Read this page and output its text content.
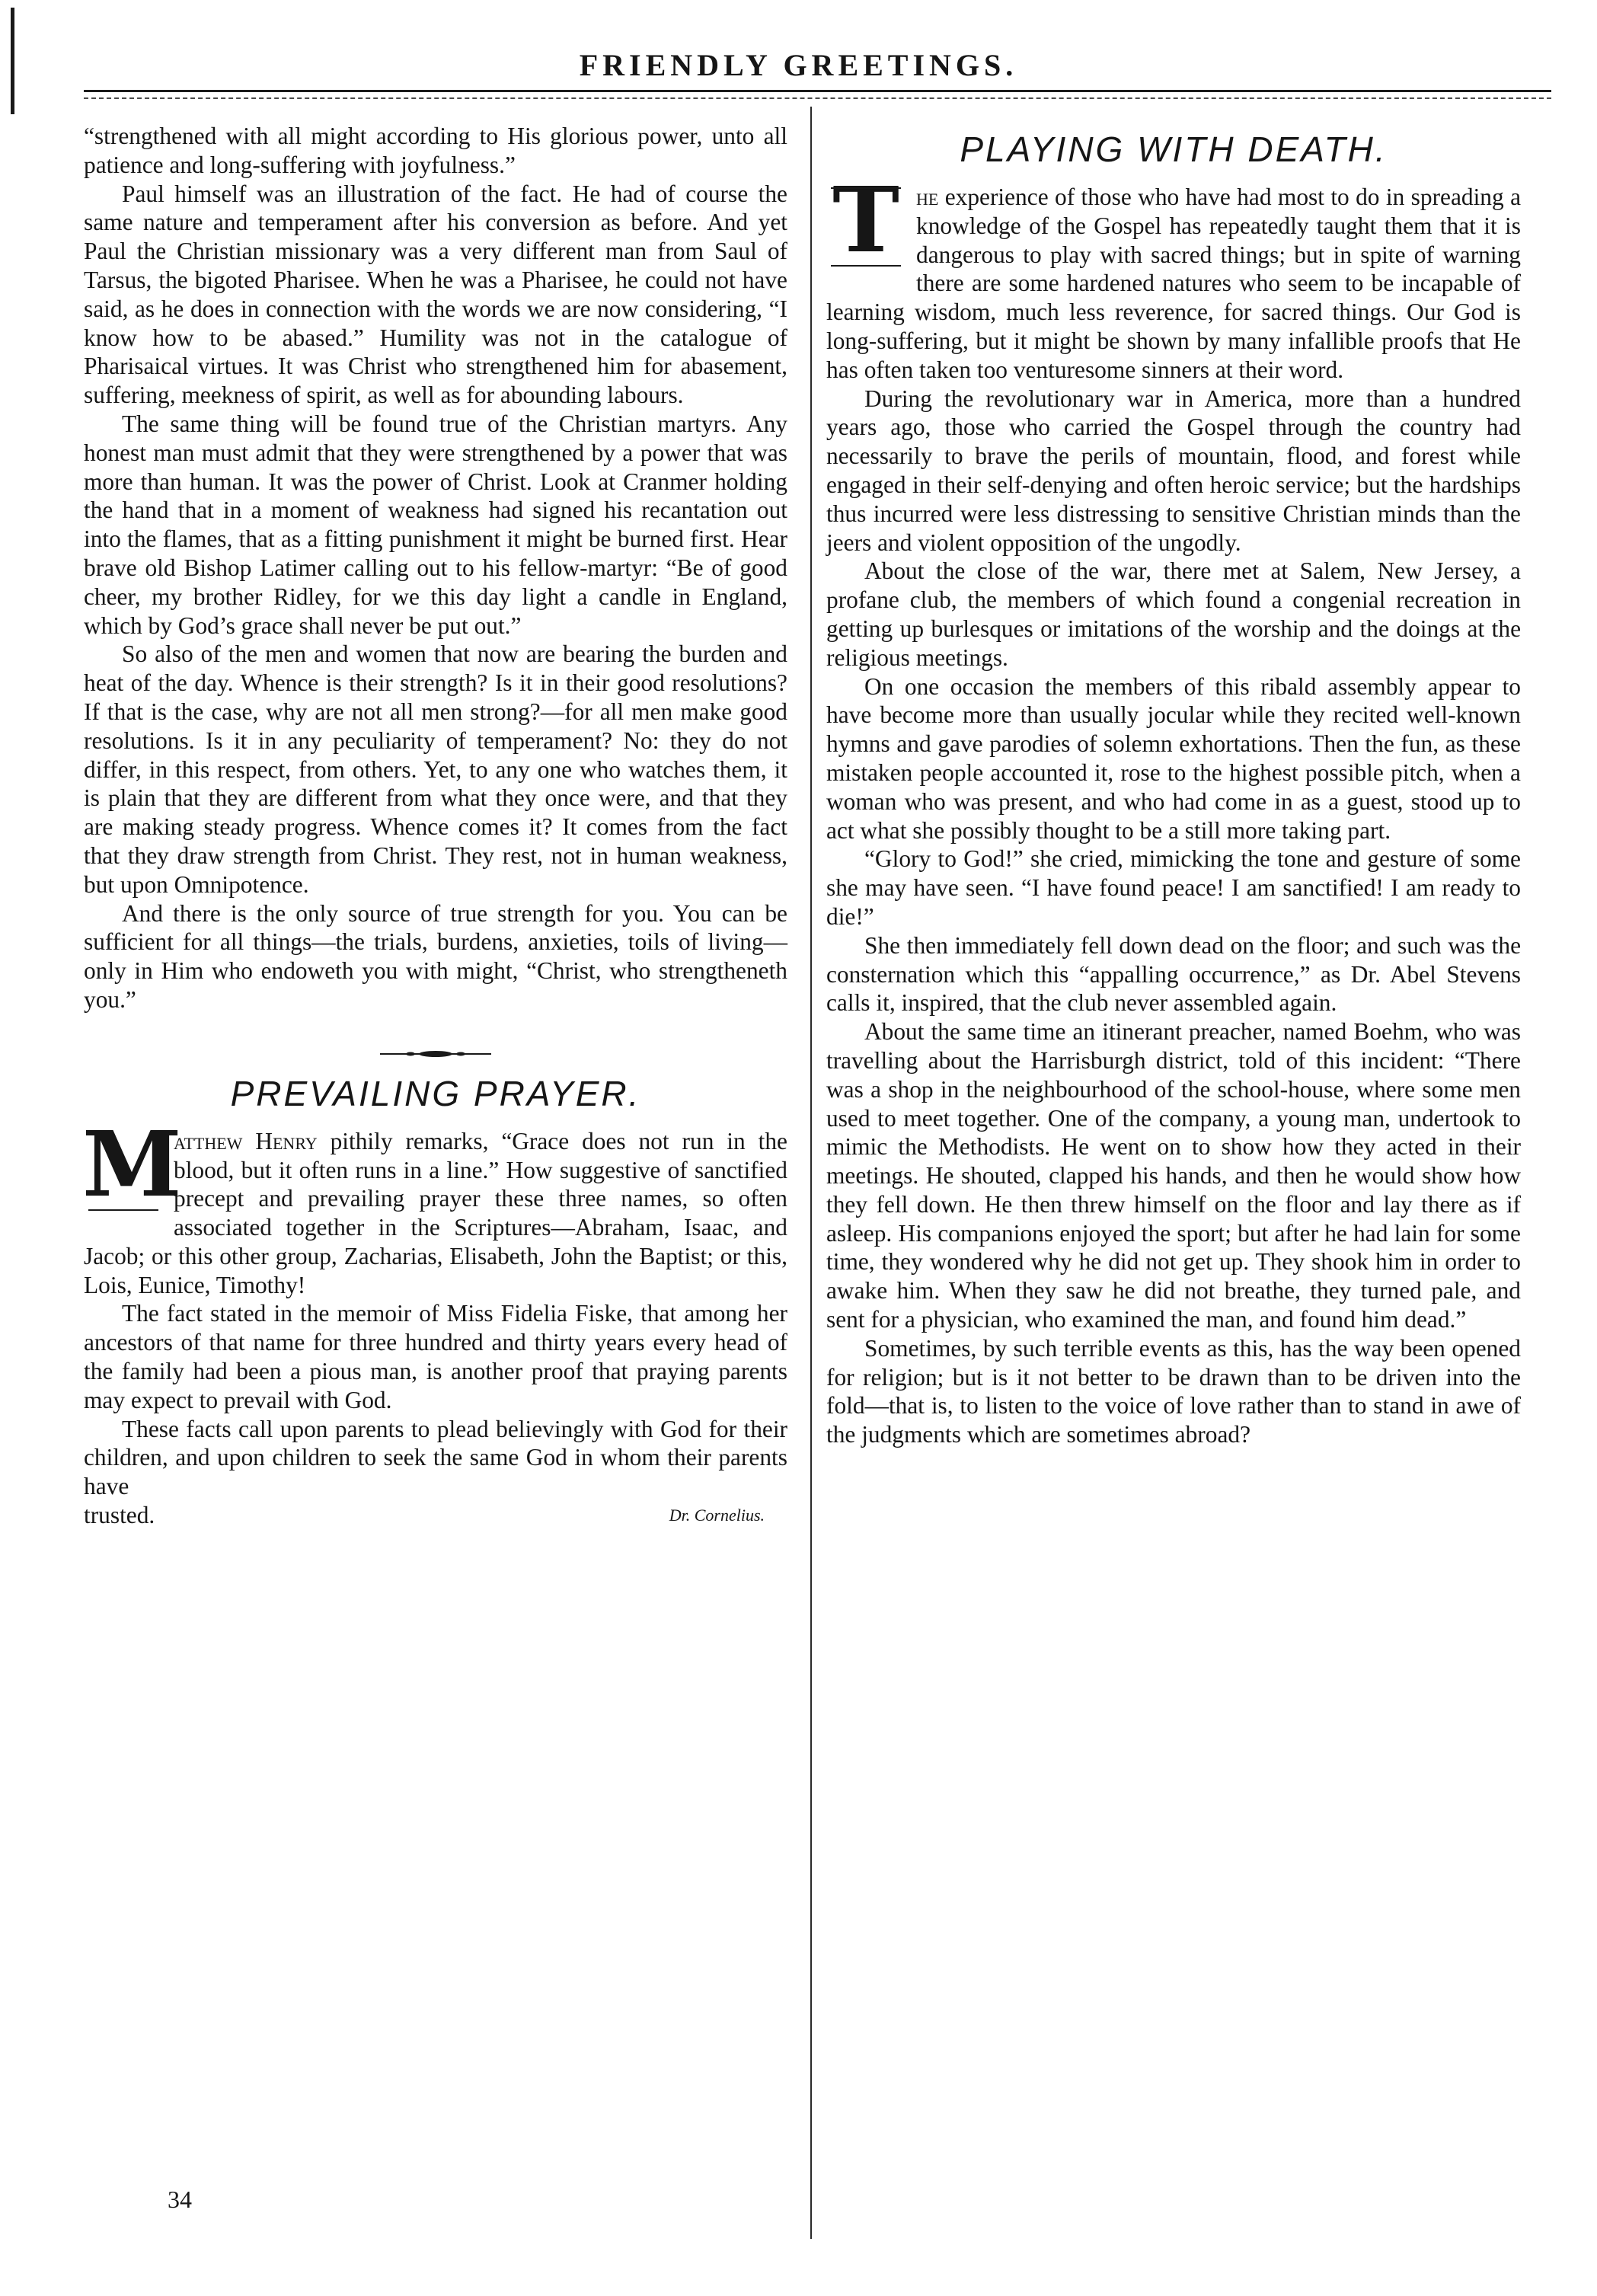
FRIENDLY GREETINGS.

“strengthened with all might according to His glorious power, unto all patience and long-suffering with joyfulness.”

Paul himself was an illustration of the fact. He had of course the same nature and temperament after his conversion as before. And yet Paul the Christian missionary was a very different man from Saul of Tarsus, the bigoted Pharisee. When he was a Pharisee, he could not have said, as he does in connection with the words we are now considering, “I know how to be abased.” Humility was not in the catalogue of Pharisaical virtues. It was Christ who strengthened him for abasement, suffering, meekness of spirit, as well as for abounding labours.

The same thing will be found true of the Christian martyrs. Any honest man must admit that they were strengthened by a power that was more than human. It was the power of Christ. Look at Cranmer holding the hand that in a moment of weakness had signed his recantation out into the flames, that as a fitting punishment it might be burned first. Hear brave old Bishop Latimer calling out to his fellow-martyr: “Be of good cheer, my brother Ridley, for we this day light a candle in England, which by God’s grace shall never be put out.”

So also of the men and women that now are bearing the burden and heat of the day. Whence is their strength? Is it in their good resolutions? If that is the case, why are not all men strong?—for all men make good resolutions. Is it in any peculiarity of temperament? No: they do not differ, in this respect, from others. Yet, to any one who watches them, it is plain that they are different from what they once were, and that they are making steady progress. Whence comes it? It comes from the fact that they draw strength from Christ. They rest, not in human weakness, but upon Omnipotence.

And there is the only source of true strength for you. You can be sufficient for all things—the trials, burdens, anxieties, toils of living—only in Him who endoweth you with might, “Christ, who strengtheneth you.”

PREVAILING PRAYER.

M
atthew Henry pithily remarks, “Grace does not run in the blood, but it often runs in a line.” How suggestive of sanctified precept and prevailing prayer these three names, so often associated together in the Scriptures—Abraham, Isaac, and Jacob; or this other group, Zacharias, Elisabeth, John the Baptist; or this, Lois, Eunice, Timothy!

The fact stated in the memoir of Miss Fidelia Fiske, that among her ancestors of that name for three hundred and thirty years every head of the family had been a pious man, is another proof that praying parents may expect to prevail with God.

These facts call upon parents to plead believingly with God for their children, and upon children to seek the same God in whom their parents have

trusted.	Dr. Cornelius.
PLAYING WITH DEATH.

T he experience of those who have had most to do in spreading a knowledge of the Gospel has repeatedly taught them that it is dangerous to play with sacred things; but in spite of warning there are some hardened natures who seem to be incapable of learning wisdom, much less reverence, for sacred things. Our God is long-suffering, but it might be shown by many infallible proofs that He has often taken too venturesome sinners at their word.

During the revolutionary war in America, more than a hundred years ago, those who carried the Gospel through the country had necessarily to brave the perils of mountain, flood, and forest while engaged in their self-denying and often heroic service; but the hardships thus incurred were less distressing to sensitive Christian minds than the jeers and violent opposition of the ungodly.

About the close of the war, there met at Salem, New Jersey, a profane club, the members of which found a congenial recreation in getting up burlesques or imitations of the worship and the doings at the religious meetings.

On one occasion the members of this ribald assembly appear to have become more than usually jocular while they recited well-known hymns and gave parodies of solemn exhortations. Then the fun, as these mistaken people accounted it, rose to the highest possible pitch, when a woman who was present, and who had come in as a guest, stood up to act what she possibly thought to be a still more taking part.

“Glory to God!” she cried, mimicking the tone and gesture of some she may have seen. “I have found peace! I am sanctified! I am ready to die!”

She then immediately fell down dead on the floor; and such was the consternation which this “appalling occurrence,” as Dr. Abel Stevens calls it, inspired, that the club never assembled again.

About the same time an itinerant preacher, named Boehm, who was travelling about the Harrisburgh district, told of this incident: “There was a shop in the neighbourhood of the school-house, where some men used to meet together. One of the company, a young man, undertook to mimic the Methodists. He went on to show how they acted in their meetings. He shouted, clapped his hands, and then he would show how they fell down. He then threw himself on the floor and lay there as if asleep. His companions enjoyed the sport; but after he had lain for some time, they wondered why he did not get up. They shook him in order to awake him. When they saw he did not breathe, they turned pale, and sent for a physician, who examined the man, and found him dead.”

Sometimes, by such terrible events as this, has the way been opened for religion; but is it not better to be drawn than to be driven into the fold—that is, to listen to the voice of love rather than to stand in awe of the judgments which are sometimes abroad?

34
